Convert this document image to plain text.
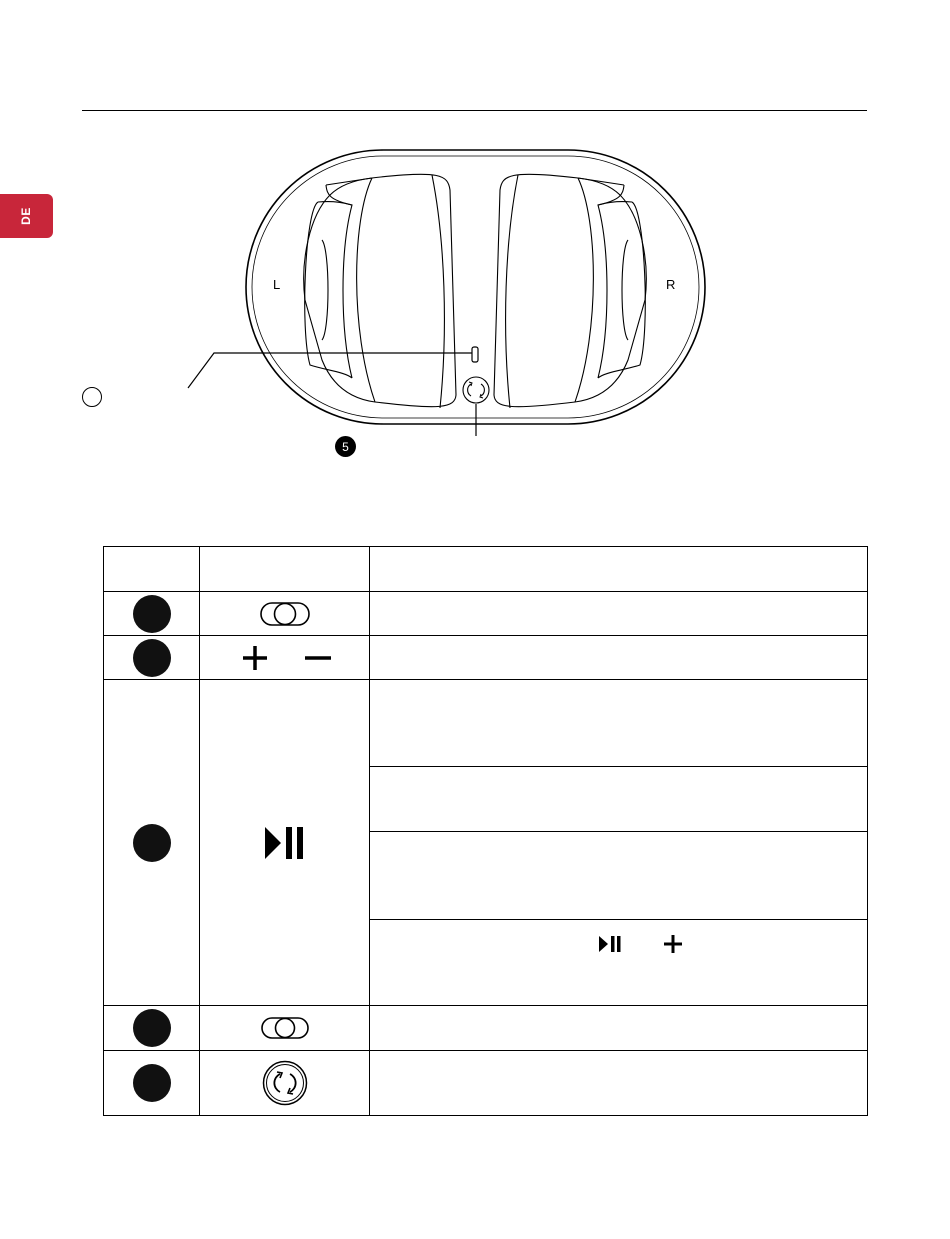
DE
L	R
5
